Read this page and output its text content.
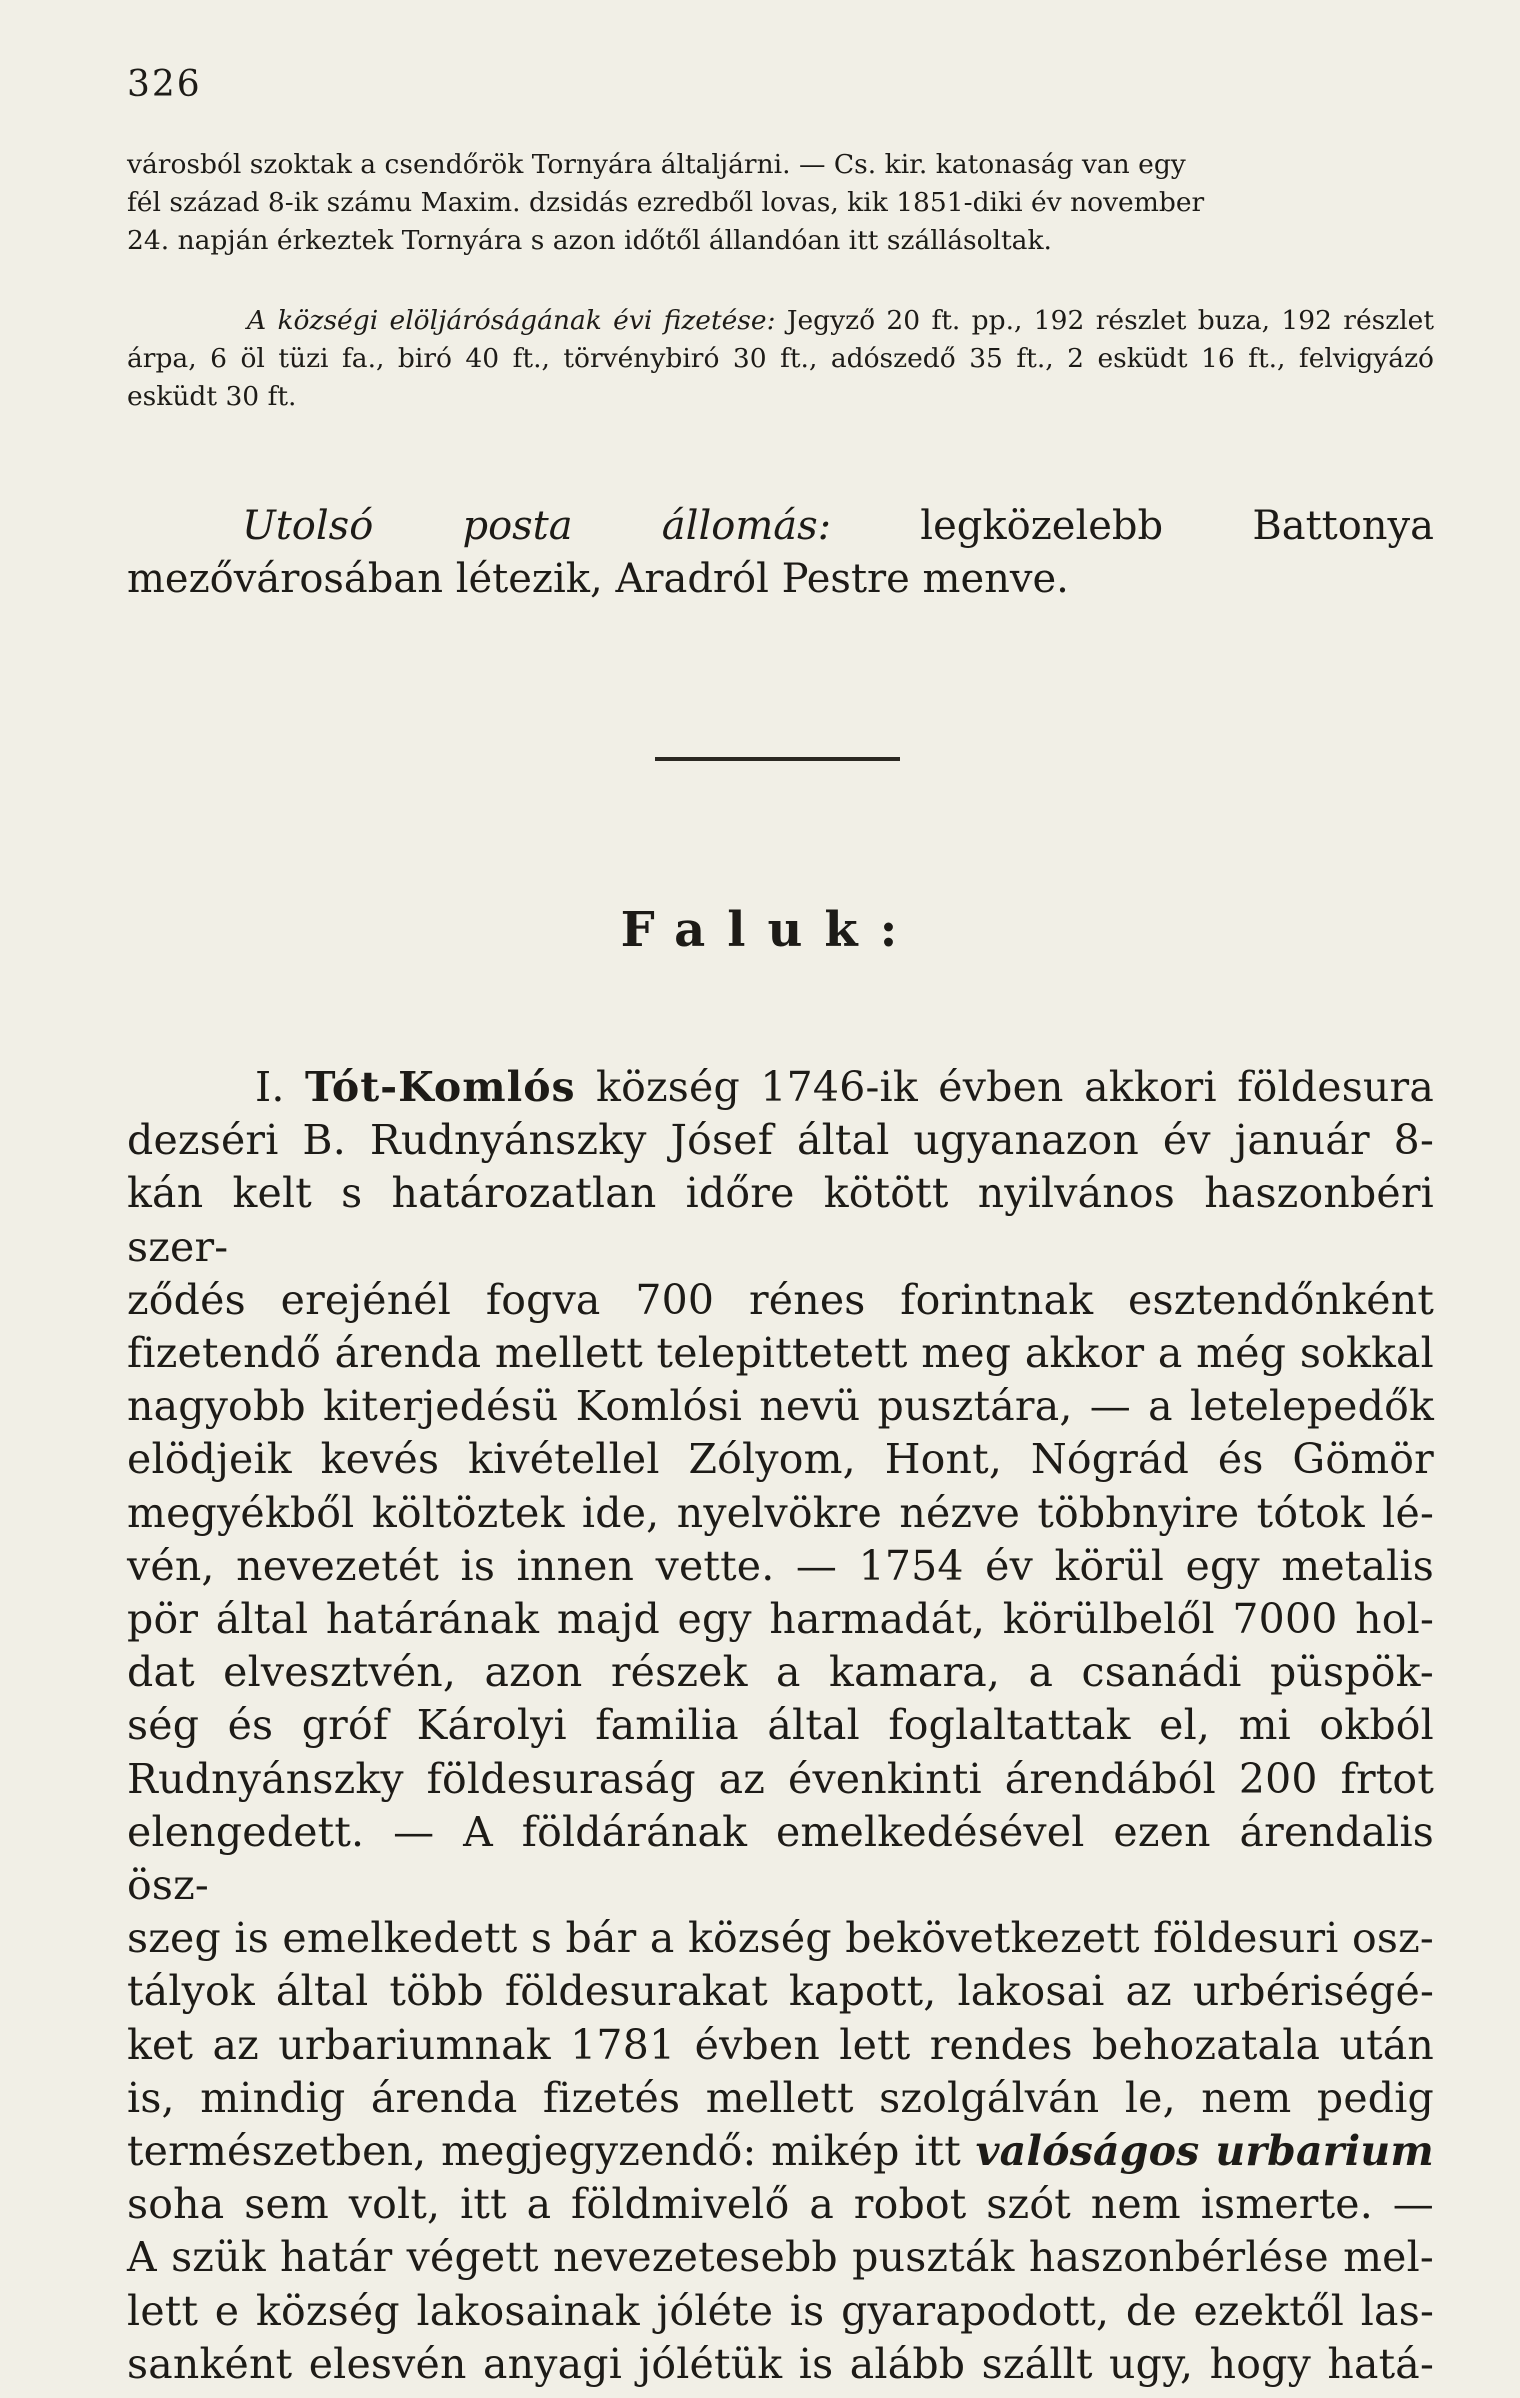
326

városból szoktak a csendőrök Tornyára általjárni. — Cs. kir. katonaság van egy

fél század 8-ik számu Maxim. dzsidás ezredből lovas, kik 1851-diki év november

24. napján érkeztek Tornyára s azon időtől állandóan itt szállásoltak.

A községi elöljáróságának évi fizetése: Jegyző 20 ft. pp., 192 részlet buza, 192 részlet árpa, 6 öl tüzi fa., biró 40 ft., törvénybiró 30 ft., adószedő 35 ft., 2 esküdt 16 ft., felvigyázó esküdt 30 ft.

Utolsó posta állomás: legközelebb Battonya mezővárosában létezik, Aradról Pestre menve.
Faluk:

I. Tót-Komlós község 1746-ik évben akkori földesura

dezséri B. Rudnyánszky Jósef által ugyanazon év január 8-

kán kelt s határozatlan időre kötött nyilvános haszonbéri szer-

ződés erejénél fogva 700 rénes forintnak esztendőnként

fizetendő árenda mellett telepittetett meg akkor a még sokkal

nagyobb kiterjedésü Komlósi nevü pusztára, — a letelepedők

elödjeik kevés kivétellel Zólyom, Hont, Nógrád és Gömör

megyékből költöztek ide, nyelvökre nézve többnyire tótok lé-

vén, nevezetét is innen vette. — 1754 év körül egy metalis

pör által határának majd egy harmadát, körülbelől 7000 hol-

dat elvesztvén, azon részek a kamara, a csanádi püspök-

ség és gróf Károlyi familia által foglaltattak el, mi okból

Rudnyánszky földesuraság az évenkinti árendából 200 frtot

elengedett. — A földárának emelkedésével ezen árendalis ösz-

szeg is emelkedett s bár a község bekövetkezett földesuri osz-

tályok által több földesurakat kapott, lakosai az urbériségé-

ket az urbariumnak 1781 évben lett rendes behozatala után

is, mindig árenda fizetés mellett szolgálván le, nem pedig

természetben, megjegyzendő: mikép itt valóságos urbarium

soha sem volt, itt a földmivelő a robot szót nem ismerte. —

A szük határ végett nevezetesebb puszták haszonbérlése mel-

lett e község lakosainak jóléte is gyarapodott, de ezektől las-

sanként elesvén anyagi jólétük is alább szállt ugy, hogy hatá-
